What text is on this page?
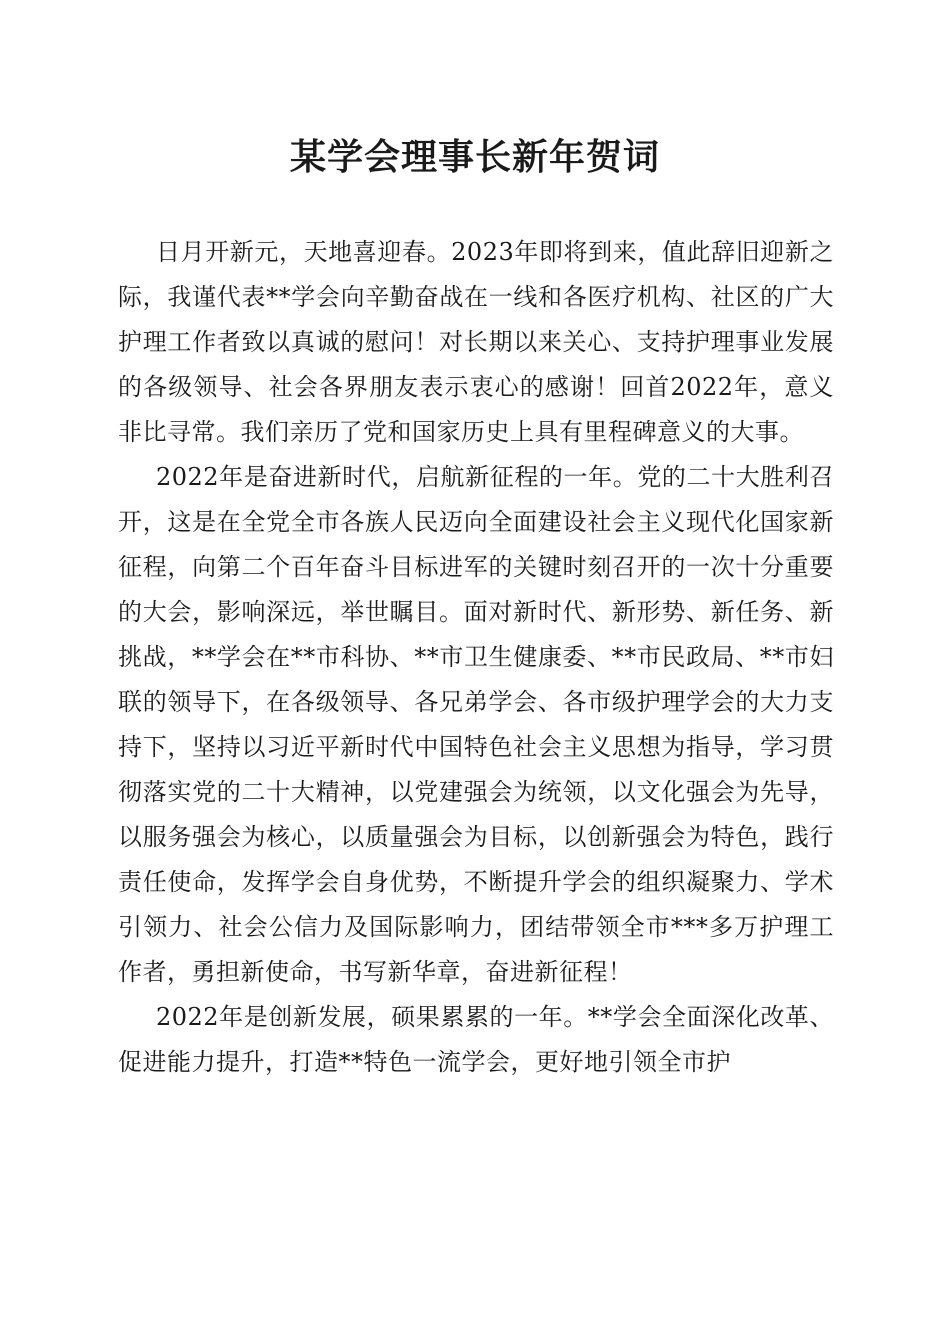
某学会理事长新年贺词

日月开新元，天地喜迎春。2023年即将到来，值此辞旧迎新之际，我谨代表**学会向辛勤奋战在一线和各医疗机构、社区的广大护理工作者致以真诚的慰问！对长期以来关心、支持护理事业发展的各级领导、社会各界朋友表示衷心的感谢！回首2022年，意义非比寻常。我们亲历了党和国家历史上具有里程碑意义的大事。

2022年是奋进新时代，启航新征程的一年。党的二十大胜利召开，这是在全党全市各族人民迈向全面建设社会主义现代化国家新征程，向第二个百年奋斗目标进军的关键时刻召开的一次十分重要的大会，影响深远，举世瞩目。面对新时代、新形势、新任务、新挑战，**学会在**市科协、**市卫生健康委、**市民政局、**市妇联的领导下，在各级领导、各兄弟学会、各市级护理学会的大力支持下，坚持以习近平新时代中国特色社会主义思想为指导，学习贯彻落实党的二十大精神，以党建强会为统领，以文化强会为先导，以服务强会为核心，以质量强会为目标，以创新强会为特色，践行责任使命，发挥学会自身优势，不断提升学会的组织凝聚力、学术引领力、社会公信力及国际影响力，团结带领全市***多万护理工作者，勇担新使命，书写新华章，奋进新征程！

2022年是创新发展，硕果累累的一年。**学会全面深化改革、促进能力提升，打造**特色一流学会，更好地引领全市护
